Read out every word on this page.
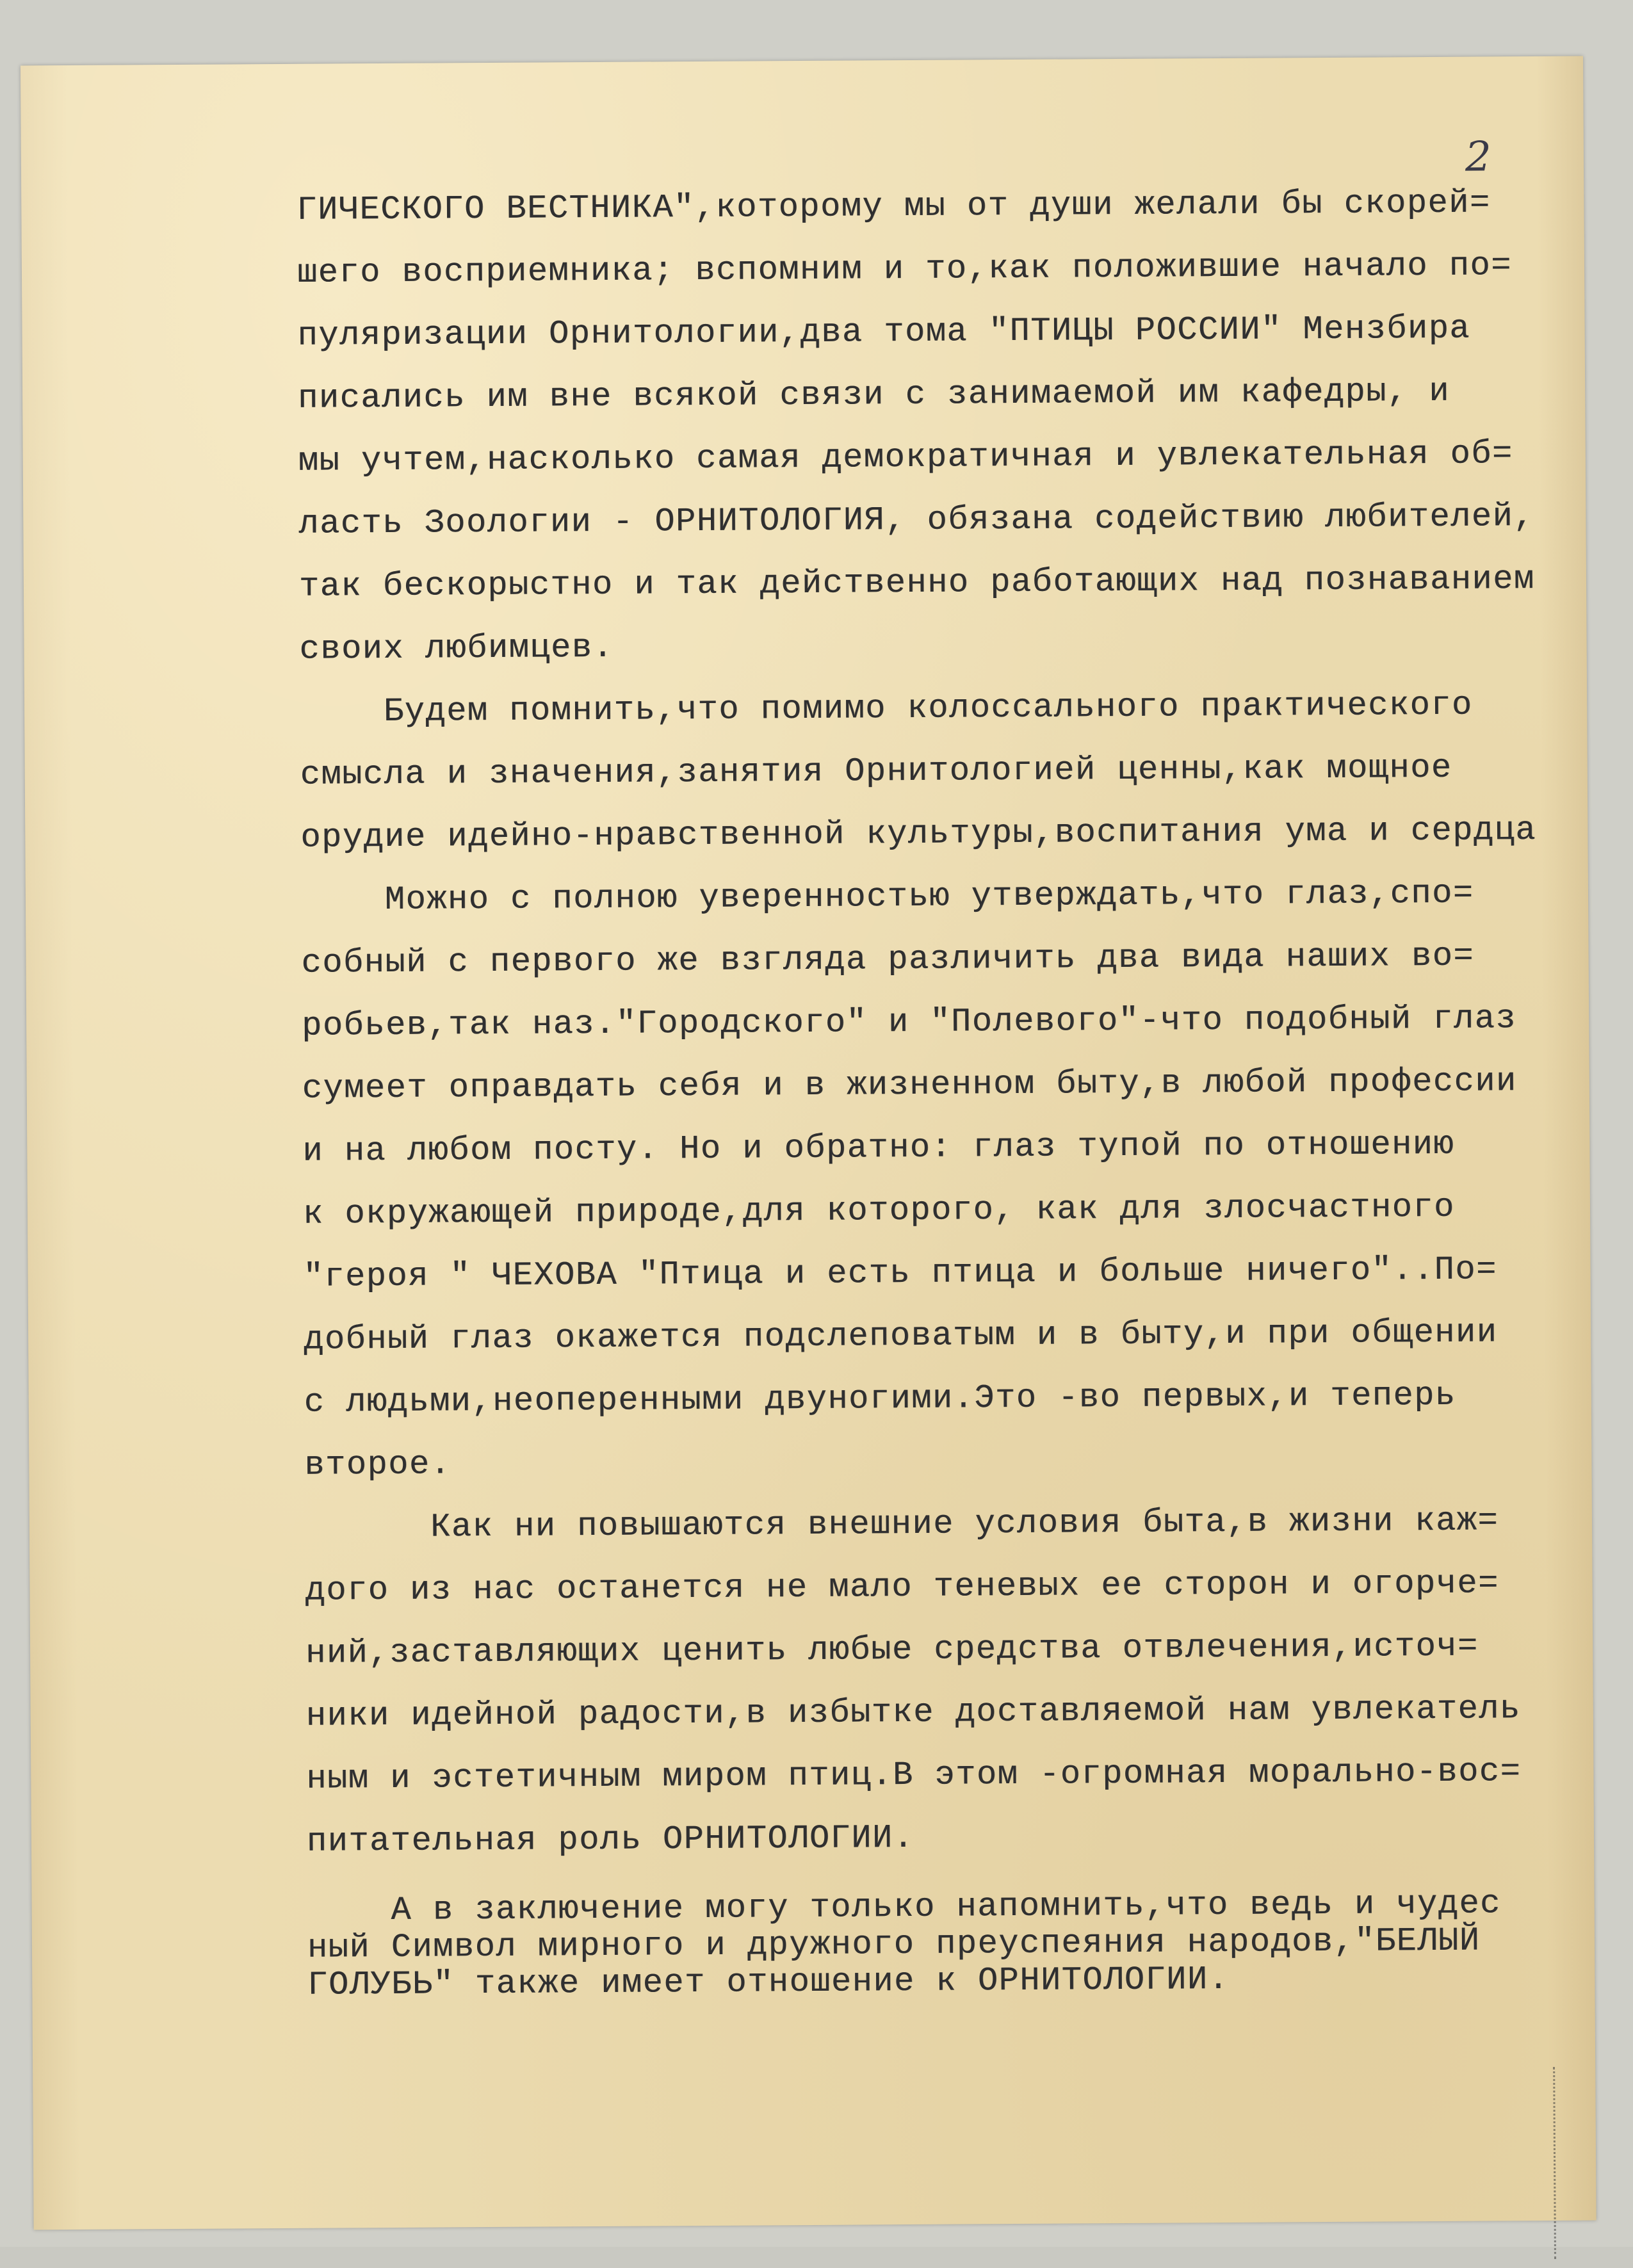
2
ГИЧЕСКОГО ВЕСТНИКА",которому мы от души желали бы скорей=
шего восприемника; вспомним и то,как положившие начало по=
пуляризации Орнитологии,два тома "ПТИЦЫ РОССИИ" Мензбира
писались им вне всякой связи с занимаемой им кафедры, и
мы учтем,насколько самая демократичная и увлекательная об=
ласть Зоологии - ОРНИТОЛОГИЯ, обязана содействию любителей,
так бескорыстно и так действенно работающих над познаванием
своих любимцев.
Будем помнить,что помимо колоссального практического
смысла и значения,занятия Орнитологией ценны,как мощное
орудие идейно-нравственной культуры,воспитания ума и сердца
Можно с полною уверенностью утверждать,что глаз,спо=
собный с первого же взгляда различить два вида наших во=
робьев,так наз."Городского" и "Полевого"-что подобный глаз
сумеет оправдать себя и в жизненном быту,в любой профессии
и на любом посту. Но и обратно: глаз тупой по отношению
к окружающей природе,для которого, как для злосчастного
"героя " ЧЕХОВА "Птица и есть птица и больше ничего"..По=
добный глаз окажется подслеповатым и в быту,и при общении
с людьми,неоперенными двуногими.Это -во первых,и теперь
второе.
Как ни повышаются внешние условия быта,в жизни каж=
дого из нас останется не мало теневых ее сторон и огорче=
ний,заставляющих ценить любые средства отвлечения,источ=
ники идейной радости,в избытке доставляемой нам увлекатель
ным и эстетичным миром птиц.В этом -огромная морально-вос=
питательная роль ОРНИТОЛОГИИ.
А в заключение могу только напомнить,что ведь и чудес
ный Символ мирного и дружного преуспеяния народов,"БЕЛЫЙ
ГОЛУБЬ" также имеет отношение к ОРНИТОЛОГИИ.
